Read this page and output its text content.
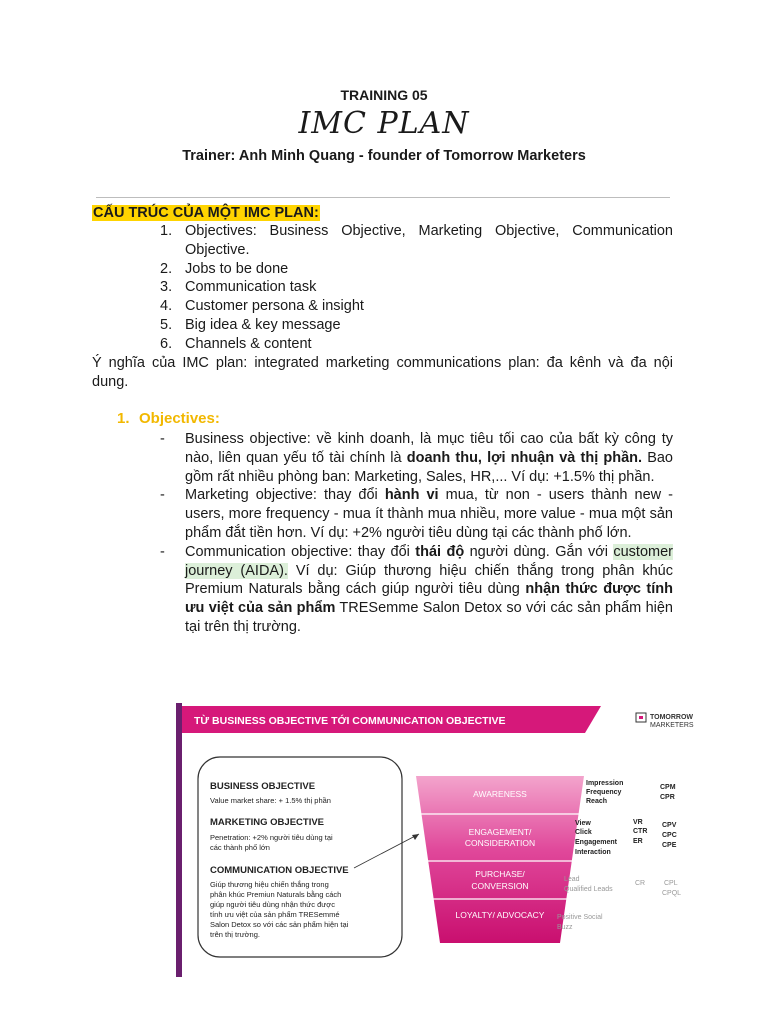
TRAINING 05
IMC PLAN
Trainer: Anh Minh Quang - founder of Tomorrow Marketers
CẤU TRÚC CỦA MỘT IMC PLAN:
1. Objectives: Business Objective, Marketing Objective, Communication Objective.
2. Jobs to be done
3. Communication task
4. Customer persona & insight
5. Big idea & key message
6. Channels & content
Ý nghĩa của IMC plan: integrated marketing communications plan: đa kênh và đa nội dung.
1. Objectives:
- Business objective: về kinh doanh, là mục tiêu tối cao của bất kỳ công ty nào, liên quan yếu tố tài chính là doanh thu, lợi nhuận và thị phần. Bao gồm rất nhiều phòng ban: Marketing, Sales, HR,... Ví dụ: +1.5% thị phần.
- Marketing objective: thay đổi hành vi mua, từ non - users thành new - users, more frequency - mua ít thành mua nhiều, more value - mua một sản phẩm đắt tiền hơn. Ví dụ: +2% người tiêu dùng tại các thành phố lớn.
- Communication objective: thay đổi thái độ người dùng. Gắn với customer journey (AIDA). Ví dụ: Giúp thương hiệu chiến thắng trong phân khúc Premium Naturals bằng cách giúp người tiêu dùng nhận thức được tính ưu việt của sản phẩm TRESemme Salon Detox so với các sản phẩm hiện tại trên thị trường.
TỪ BUSINESS OBJECTIVE TỚI COMMUNICATION OBJECTIVE	TOMORROW
MARKETERS
BUSINESS OBJECTIVE
Value market share: + 1.5% thị phần
MARKETING OBJECTIVE
Penetration: +2% người tiêu dùng tại
các thành phố lớn
COMMUNICATION OBJECTIVE
Giúp thương hiệu chiến thắng trong
phân khúc Premiun Naturals bằng cách
giúp người tiêu dùng nhận thức được
tính ưu việt của sản phẩm TRESemmé
Salon Detox so với các sản phẩm hiện tại
trên thị trường.
AWARENESS
ENGAGEMENT/
CONSIDERATION
PURCHASE/
CONVERSION
LOYALTY/ ADVOCACY
Impression
Frequency
Reach
View
Click
Engagement
Interaction
Lead
Qualified Leads
Positive Social
Buzz
VR
CTR
ER
CR
CPM
CPR
CPV
CPC
CPE
CPL
CPQL
